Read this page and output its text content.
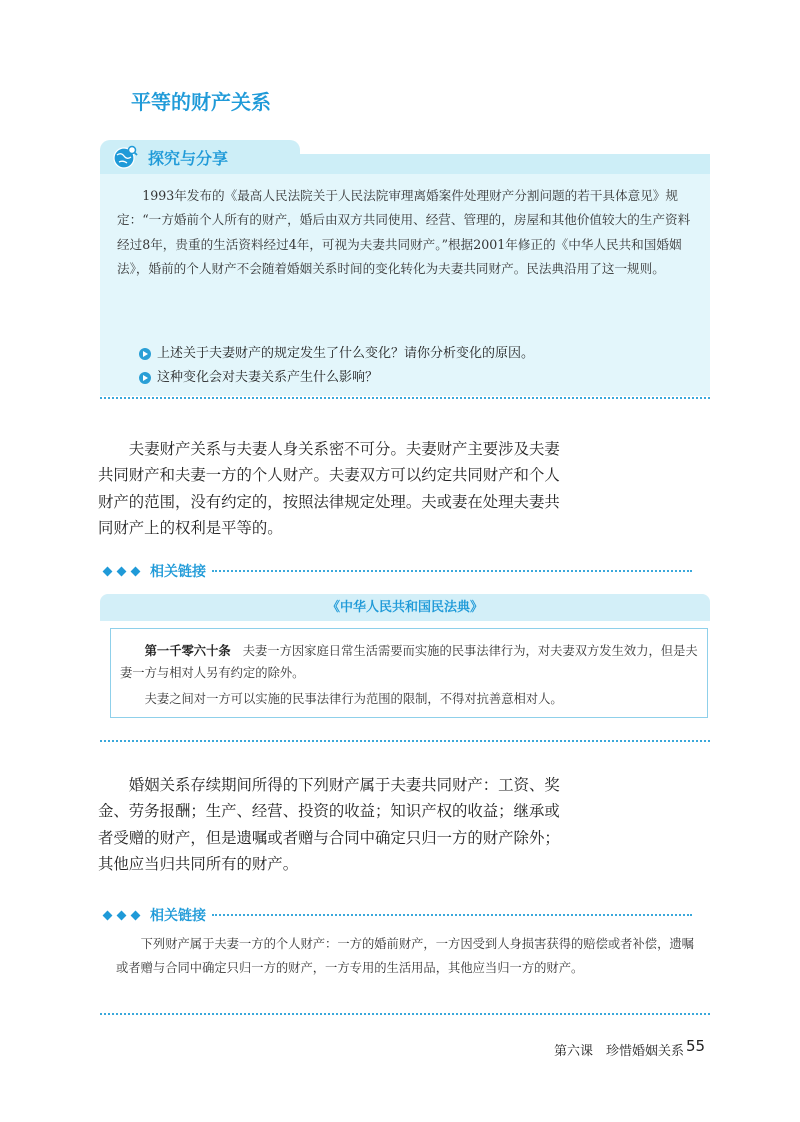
平等的财产关系
探究与分享

1993年发布的《最高人民法院关于人民法院审理离婚案件处理财产分割问题的若干具体意见》规定：“一方婚前个人所有的财产，婚后由双方共同使用、经营、管理的，房屋和其他价值较大的生产资料经过8年，贵重的生活资料经过4年，可视为夫妻共同财产。”根据2001年修正的《中华人民共和国婚姻法》，婚前的个人财产不会随着婚姻关系时间的变化转化为夫妻共同财产。民法典沿用了这一规则。

上述关于夫妻财产的规定发生了什么变化？请你分析变化的原因。
这种变化会对夫妻关系产生什么影响？

夫妻财产关系与夫妻人身关系密不可分。夫妻财产主要涉及夫妻共同财产和夫妻一方的个人财产。夫妻双方可以约定共同财产和个人财产的范围，没有约定的，按照法律规定处理。夫或妻在处理夫妻共同财产上的权利是平等的。

相关链接
《中华人民共和国民法典》

第一千零六十条 夫妻一方因家庭日常生活需要而实施的民事法律行为，对夫妻双方发生效力，但是夫妻一方与相对人另有约定的除外。

夫妻之间对一方可以实施的民事法律行为范围的限制，不得对抗善意相对人。

婚姻关系存续期间所得的下列财产属于夫妻共同财产：工资、奖金、劳务报酬；生产、经营、投资的收益；知识产权的收益；继承或者受赠的财产，但是遗嘱或者赠与合同中确定只归一方的财产除外；其他应当归共同所有的财产。

相关链接

下列财产属于夫妻一方的个人财产：一方的婚前财产，一方因受到人身损害获得的赔偿或者补偿，遗嘱或者赠与合同中确定只归一方的财产，一方专用的生活用品，其他应当归一方的财产。

第六课　珍惜婚姻关系 55
